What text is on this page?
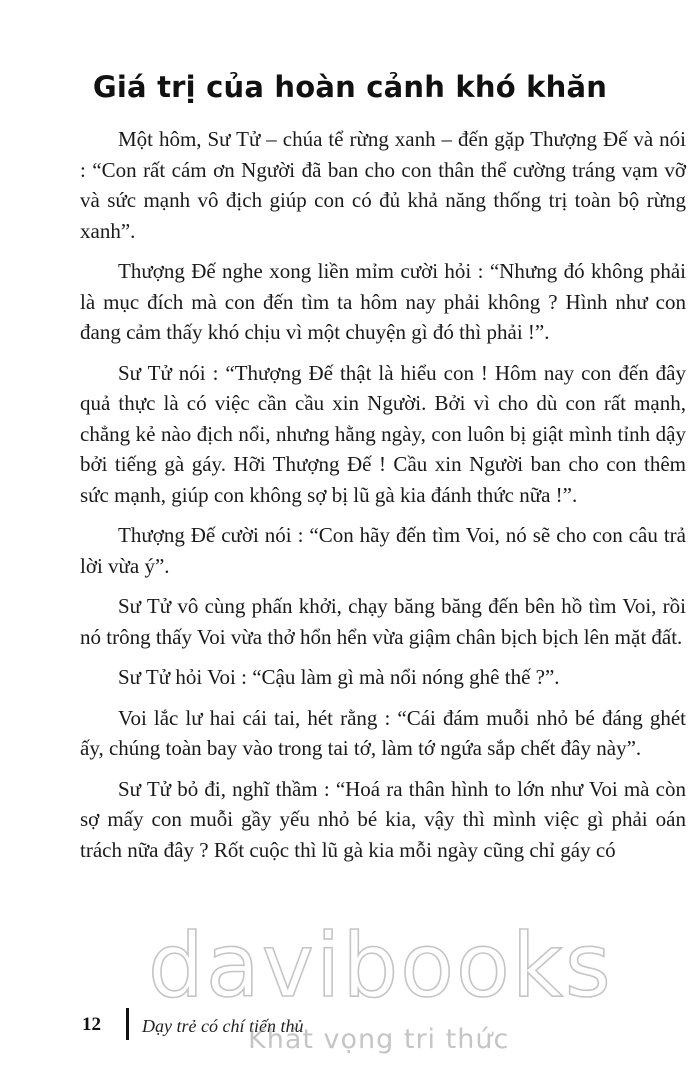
Giá trị của hoàn cảnh khó khăn

Một hôm, Sư Tử – chúa tể rừng xanh – đến gặp Thượng Đế và nói : “Con rất cám ơn Người đã ban cho con thân thể cường tráng vạm vỡ và sức mạnh vô địch giúp con có đủ khả năng thống trị toàn bộ rừng xanh”.

Thượng Đế nghe xong liền mỉm cười hỏi : “Nhưng đó không phải là mục đích mà con đến tìm ta hôm nay phải không ? Hình như con đang cảm thấy khó chịu vì một chuyện gì đó thì phải !”.

Sư Tử nói : “Thượng Đế thật là hiểu con ! Hôm nay con đến đây quả thực là có việc cần cầu xin Người. Bởi vì cho dù con rất mạnh, chẳng kẻ nào địch nổi, nhưng hằng ngày, con luôn bị giật mình tỉnh dậy bởi tiếng gà gáy. Hỡi Thượng Đế ! Cầu xin Người ban cho con thêm sức mạnh, giúp con không sợ bị lũ gà kia đánh thức nữa !”.

Thượng Đế cười nói : “Con hãy đến tìm Voi, nó sẽ cho con câu trả lời vừa ý”.

Sư Tử vô cùng phấn khởi, chạy băng băng đến bên hồ tìm Voi, rồi nó trông thấy Voi vừa thở hổn hển vừa giậm chân bịch bịch lên mặt đất.

Sư Tử hỏi Voi : “Cậu làm gì mà nổi nóng ghê thế ?”.

Voi lắc lư hai cái tai, hét rằng : “Cái đám muỗi nhỏ bé đáng ghét ấy, chúng toàn bay vào trong tai tớ, làm tớ ngứa sắp chết đây này”.

Sư Tử bỏ đi, nghĩ thầm : “Hoá ra thân hình to lớn như Voi mà còn sợ mấy con muỗi gầy yếu nhỏ bé kia, vậy thì mình việc gì phải oán trách nữa đây ? Rốt cuộc thì lũ gà kia mỗi ngày cũng chỉ gáy có

12 Dạy trẻ có chí tiến thủ
davibooks
Khát vọng tri thức
